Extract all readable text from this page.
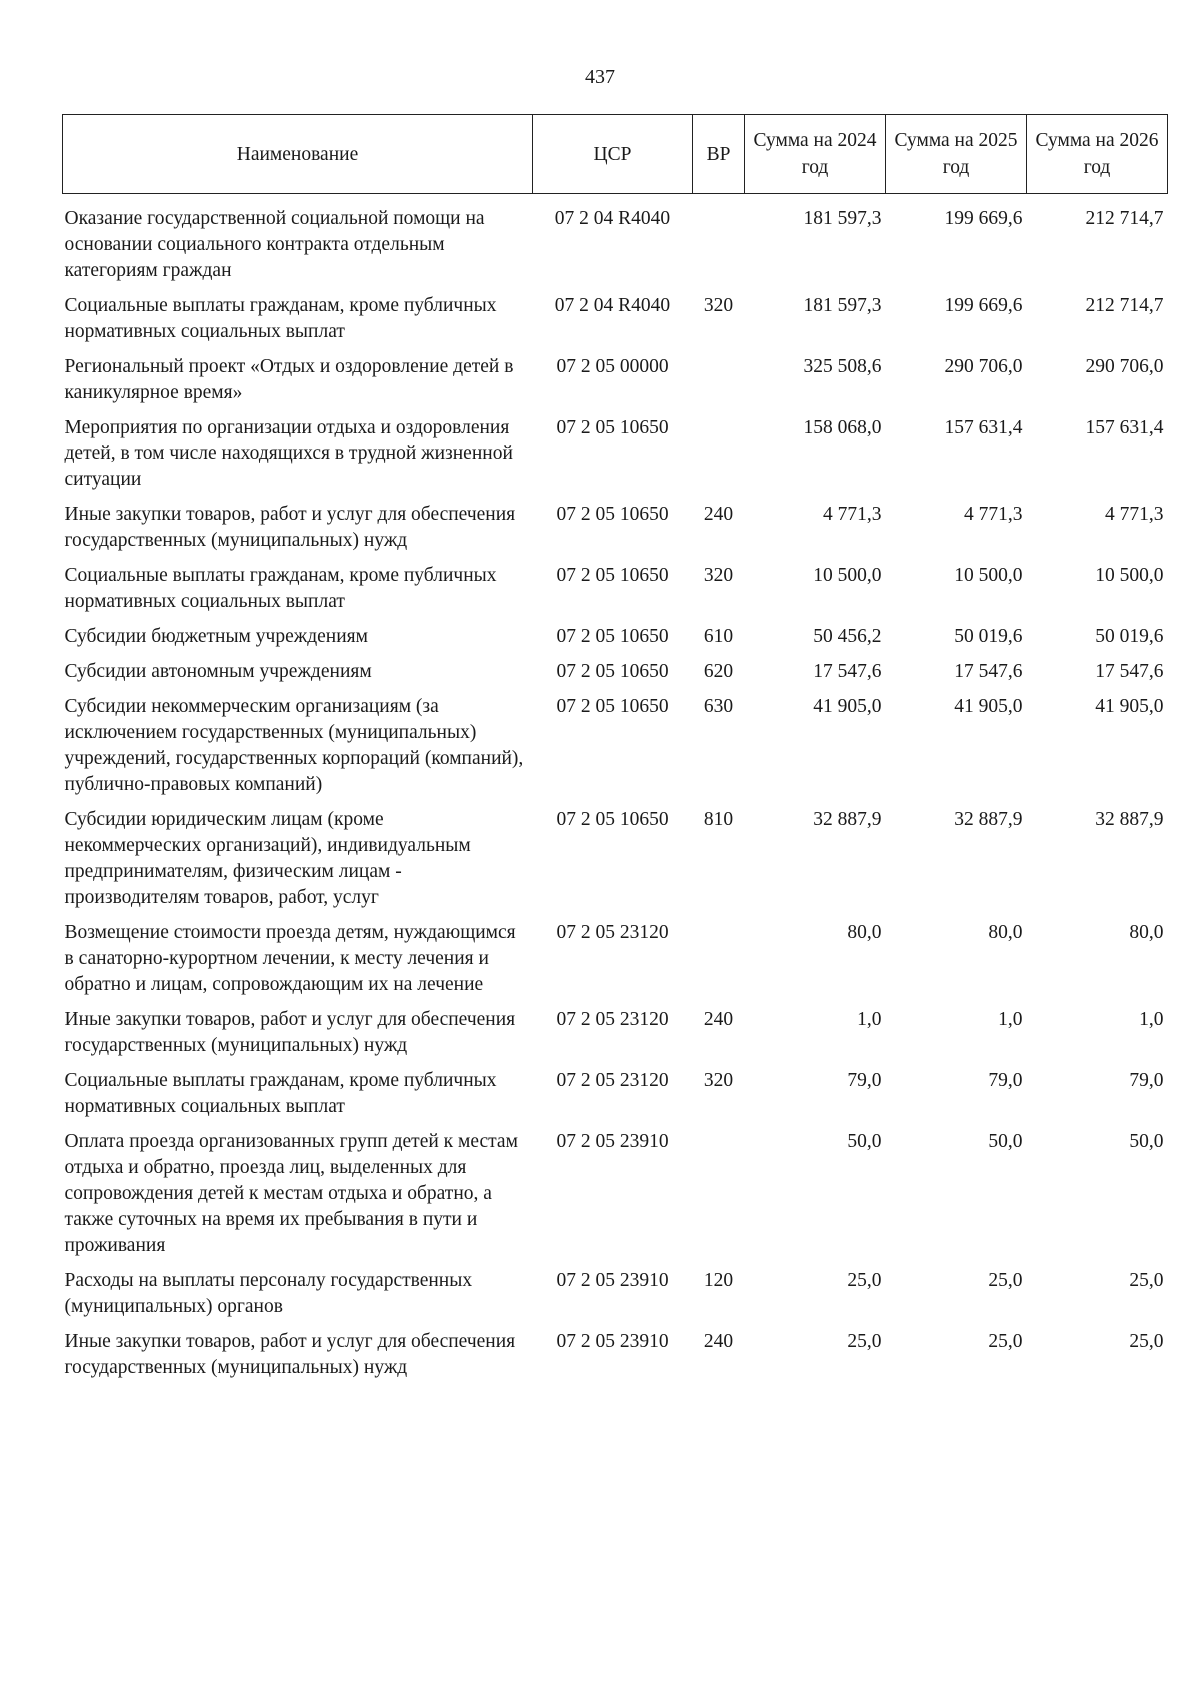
437
Наименование	ЦСР	ВР	Сумма на 2024 год	Сумма на 2025 год	Сумма на 2026 год
Оказание государственной социальной помощи на основании социального контракта отдельным категориям граждан	07 2 04 R4040		181 597,3	199 669,6	212 714,7
Социальные выплаты гражданам, кроме публичных нормативных социальных выплат	07 2 04 R4040	320	181 597,3	199 669,6	212 714,7
Региональный проект «Отдых и оздоровление детей в каникулярное время»	07 2 05 00000		325 508,6	290 706,0	290 706,0
Мероприятия по организации отдыха и оздоровления детей, в том числе находящихся в трудной жизненной ситуации	07 2 05 10650		158 068,0	157 631,4	157 631,4
Иные закупки товаров, работ и услуг для обеспечения государственных (муниципальных) нужд	07 2 05 10650	240	4 771,3	4 771,3	4 771,3
Социальные выплаты гражданам, кроме публичных нормативных социальных выплат	07 2 05 10650	320	10 500,0	10 500,0	10 500,0
Субсидии бюджетным учреждениям	07 2 05 10650	610	50 456,2	50 019,6	50 019,6
Субсидии автономным учреждениям	07 2 05 10650	620	17 547,6	17 547,6	17 547,6
Субсидии некоммерческим организациям (за исключением государственных (муниципальных) учреждений, государственных корпораций (компаний), публично-правовых компаний)	07 2 05 10650	630	41 905,0	41 905,0	41 905,0
Субсидии юридическим лицам (кроме некоммерческих организаций), индивидуальным предпринимателям, физическим лицам - производителям товаров, работ, услуг	07 2 05 10650	810	32 887,9	32 887,9	32 887,9
Возмещение стоимости проезда детям, нуждающимся в санаторно-курортном лечении, к месту лечения и обратно и лицам, сопровождающим их на лечение	07 2 05 23120		80,0	80,0	80,0
Иные закупки товаров, работ и услуг для обеспечения государственных (муниципальных) нужд	07 2 05 23120	240	1,0	1,0	1,0
Социальные выплаты гражданам, кроме публичных нормативных социальных выплат	07 2 05 23120	320	79,0	79,0	79,0
Оплата проезда организованных групп детей к местам отдыха и обратно, проезда лиц, выделенных для сопровождения детей к местам отдыха и обратно, а также суточных на время их пребывания в пути и проживания	07 2 05 23910		50,0	50,0	50,0
Расходы на выплаты персоналу государственных (муниципальных) органов	07 2 05 23910	120	25,0	25,0	25,0
Иные закупки товаров, работ и услуг для обеспечения государственных (муниципальных) нужд	07 2 05 23910	240	25,0	25,0	25,0
